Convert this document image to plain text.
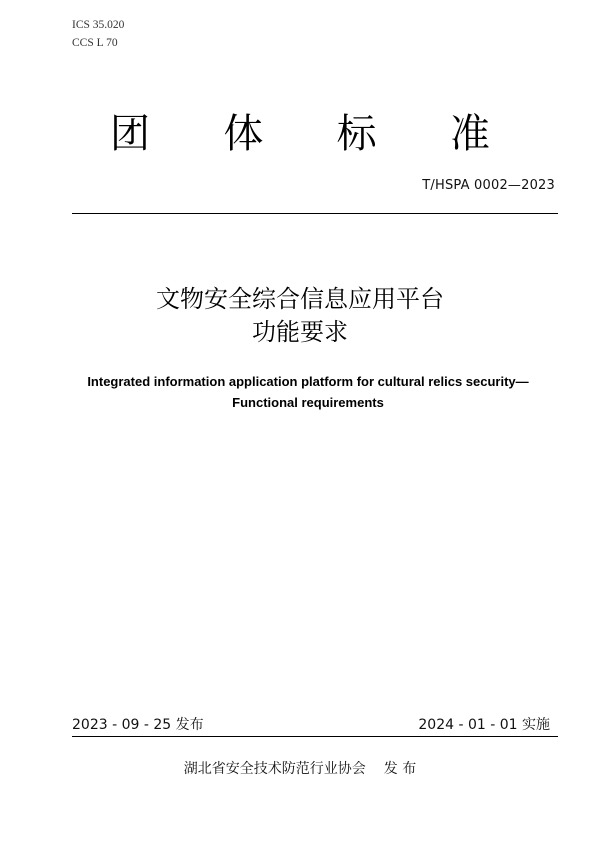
ICS 35.020
CCS L 70
团 体 标 准
T/HSPA 0002—2023
文物安全综合信息应用平台
功能要求
Integrated information application platform for cultural relics security—
Functional requirements
2023 - 09 - 25 发布	2024 - 01 - 01 实施
湖北省安全技术防范行业协会 发 布
